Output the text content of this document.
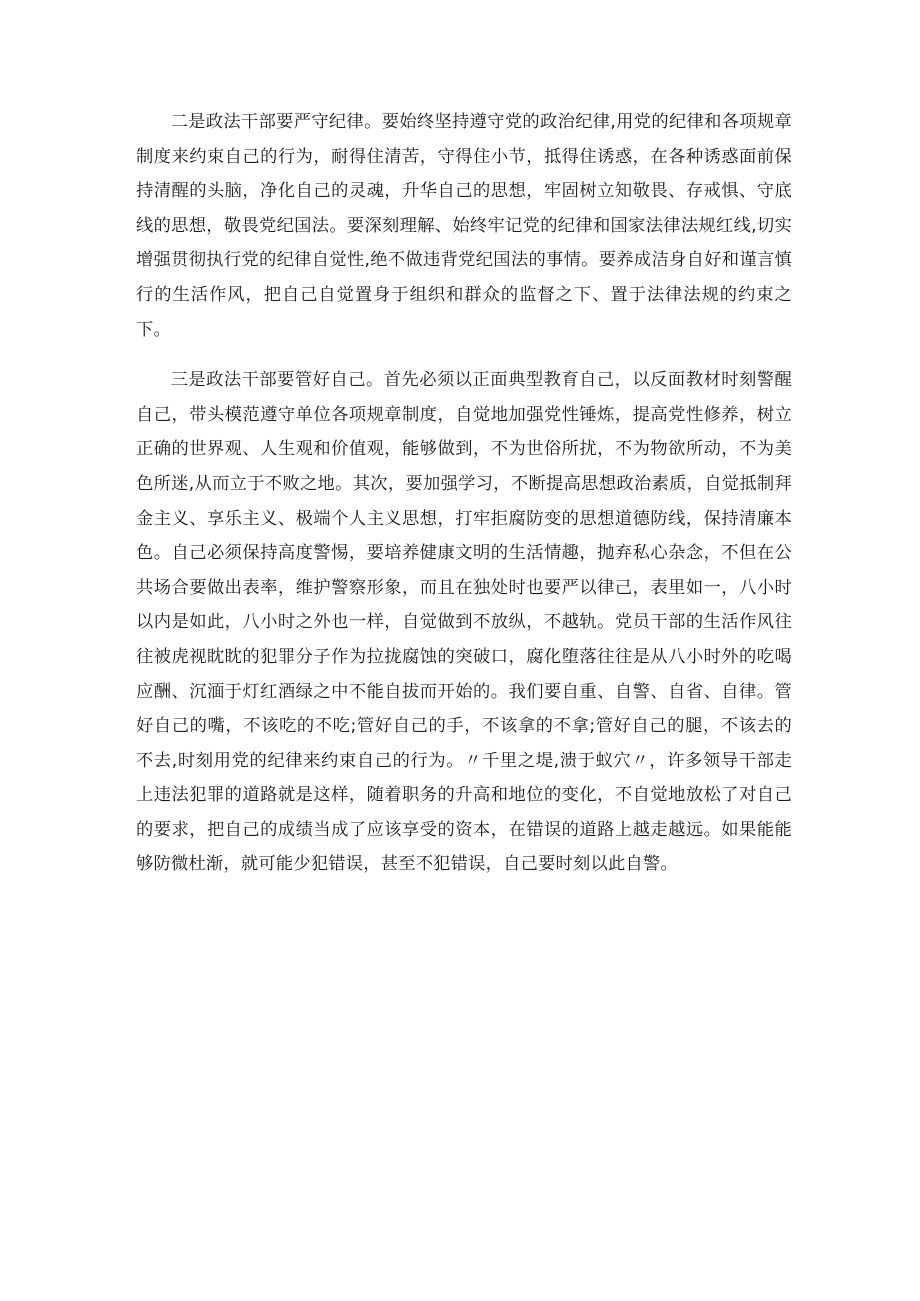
二是政法干部要严守纪律。要始终坚持遵守党的政治纪律,用党的纪律和各项规章制度来约束自己的行为，耐得住清苦，守得住小节，抵得住诱惑，在各种诱惑面前保持清醒的头脑，净化自己的灵魂，升华自己的思想，牢固树立知敬畏、存戒惧、守底线的思想，敬畏党纪国法。要深刻理解、始终牢记党的纪律和国家法律法规红线,切实增强贯彻执行党的纪律自觉性,绝不做违背党纪国法的事情。要养成洁身自好和谨言慎行的生活作风，把自己自觉置身于组织和群众的监督之下、置于法律法规的约束之下。

三是政法干部要管好自己。首先必须以正面典型教育自己，以反面教材时刻警醒自己，带头模范遵守单位各项规章制度，自觉地加强党性锤炼，提高党性修养，树立正确的世界观、人生观和价值观，能够做到，不为世俗所扰，不为物欲所动，不为美色所迷,从而立于不败之地。其次，要加强学习，不断提高思想政治素质，自觉抵制拜金主义、享乐主义、极端个人主义思想，打牢拒腐防变的思想道德防线，保持清廉本色。自己必须保持高度警惕，要培养健康文明的生活情趣，抛弃私心杂念，不但在公共场合要做出表率，维护警察形象，而且在独处时也要严以律己，表里如一，八小时以内是如此，八小时之外也一样，自觉做到不放纵，不越轨。党员干部的生活作风往往被虎视眈眈的犯罪分子作为拉拢腐蚀的突破口，腐化堕落往往是从八小时外的吃喝应酬、沉湎于灯红酒绿之中不能自拔而开始的。我们要自重、自警、自省、自律。管好自己的嘴，不该吃的不吃;管好自己的手，不该拿的不拿;管好自己的腿，不该去的不去,时刻用党的纪律来约束自己的行为。〃千里之堤,溃于蚁穴〃，许多领导干部走上违法犯罪的道路就是这样，随着职务的升高和地位的变化，不自觉地放松了对自己的要求，把自己的成绩当成了应该享受的资本，在错误的道路上越走越远。如果能能够防微杜渐，就可能少犯错误，甚至不犯错误，自己要时刻以此自警。
